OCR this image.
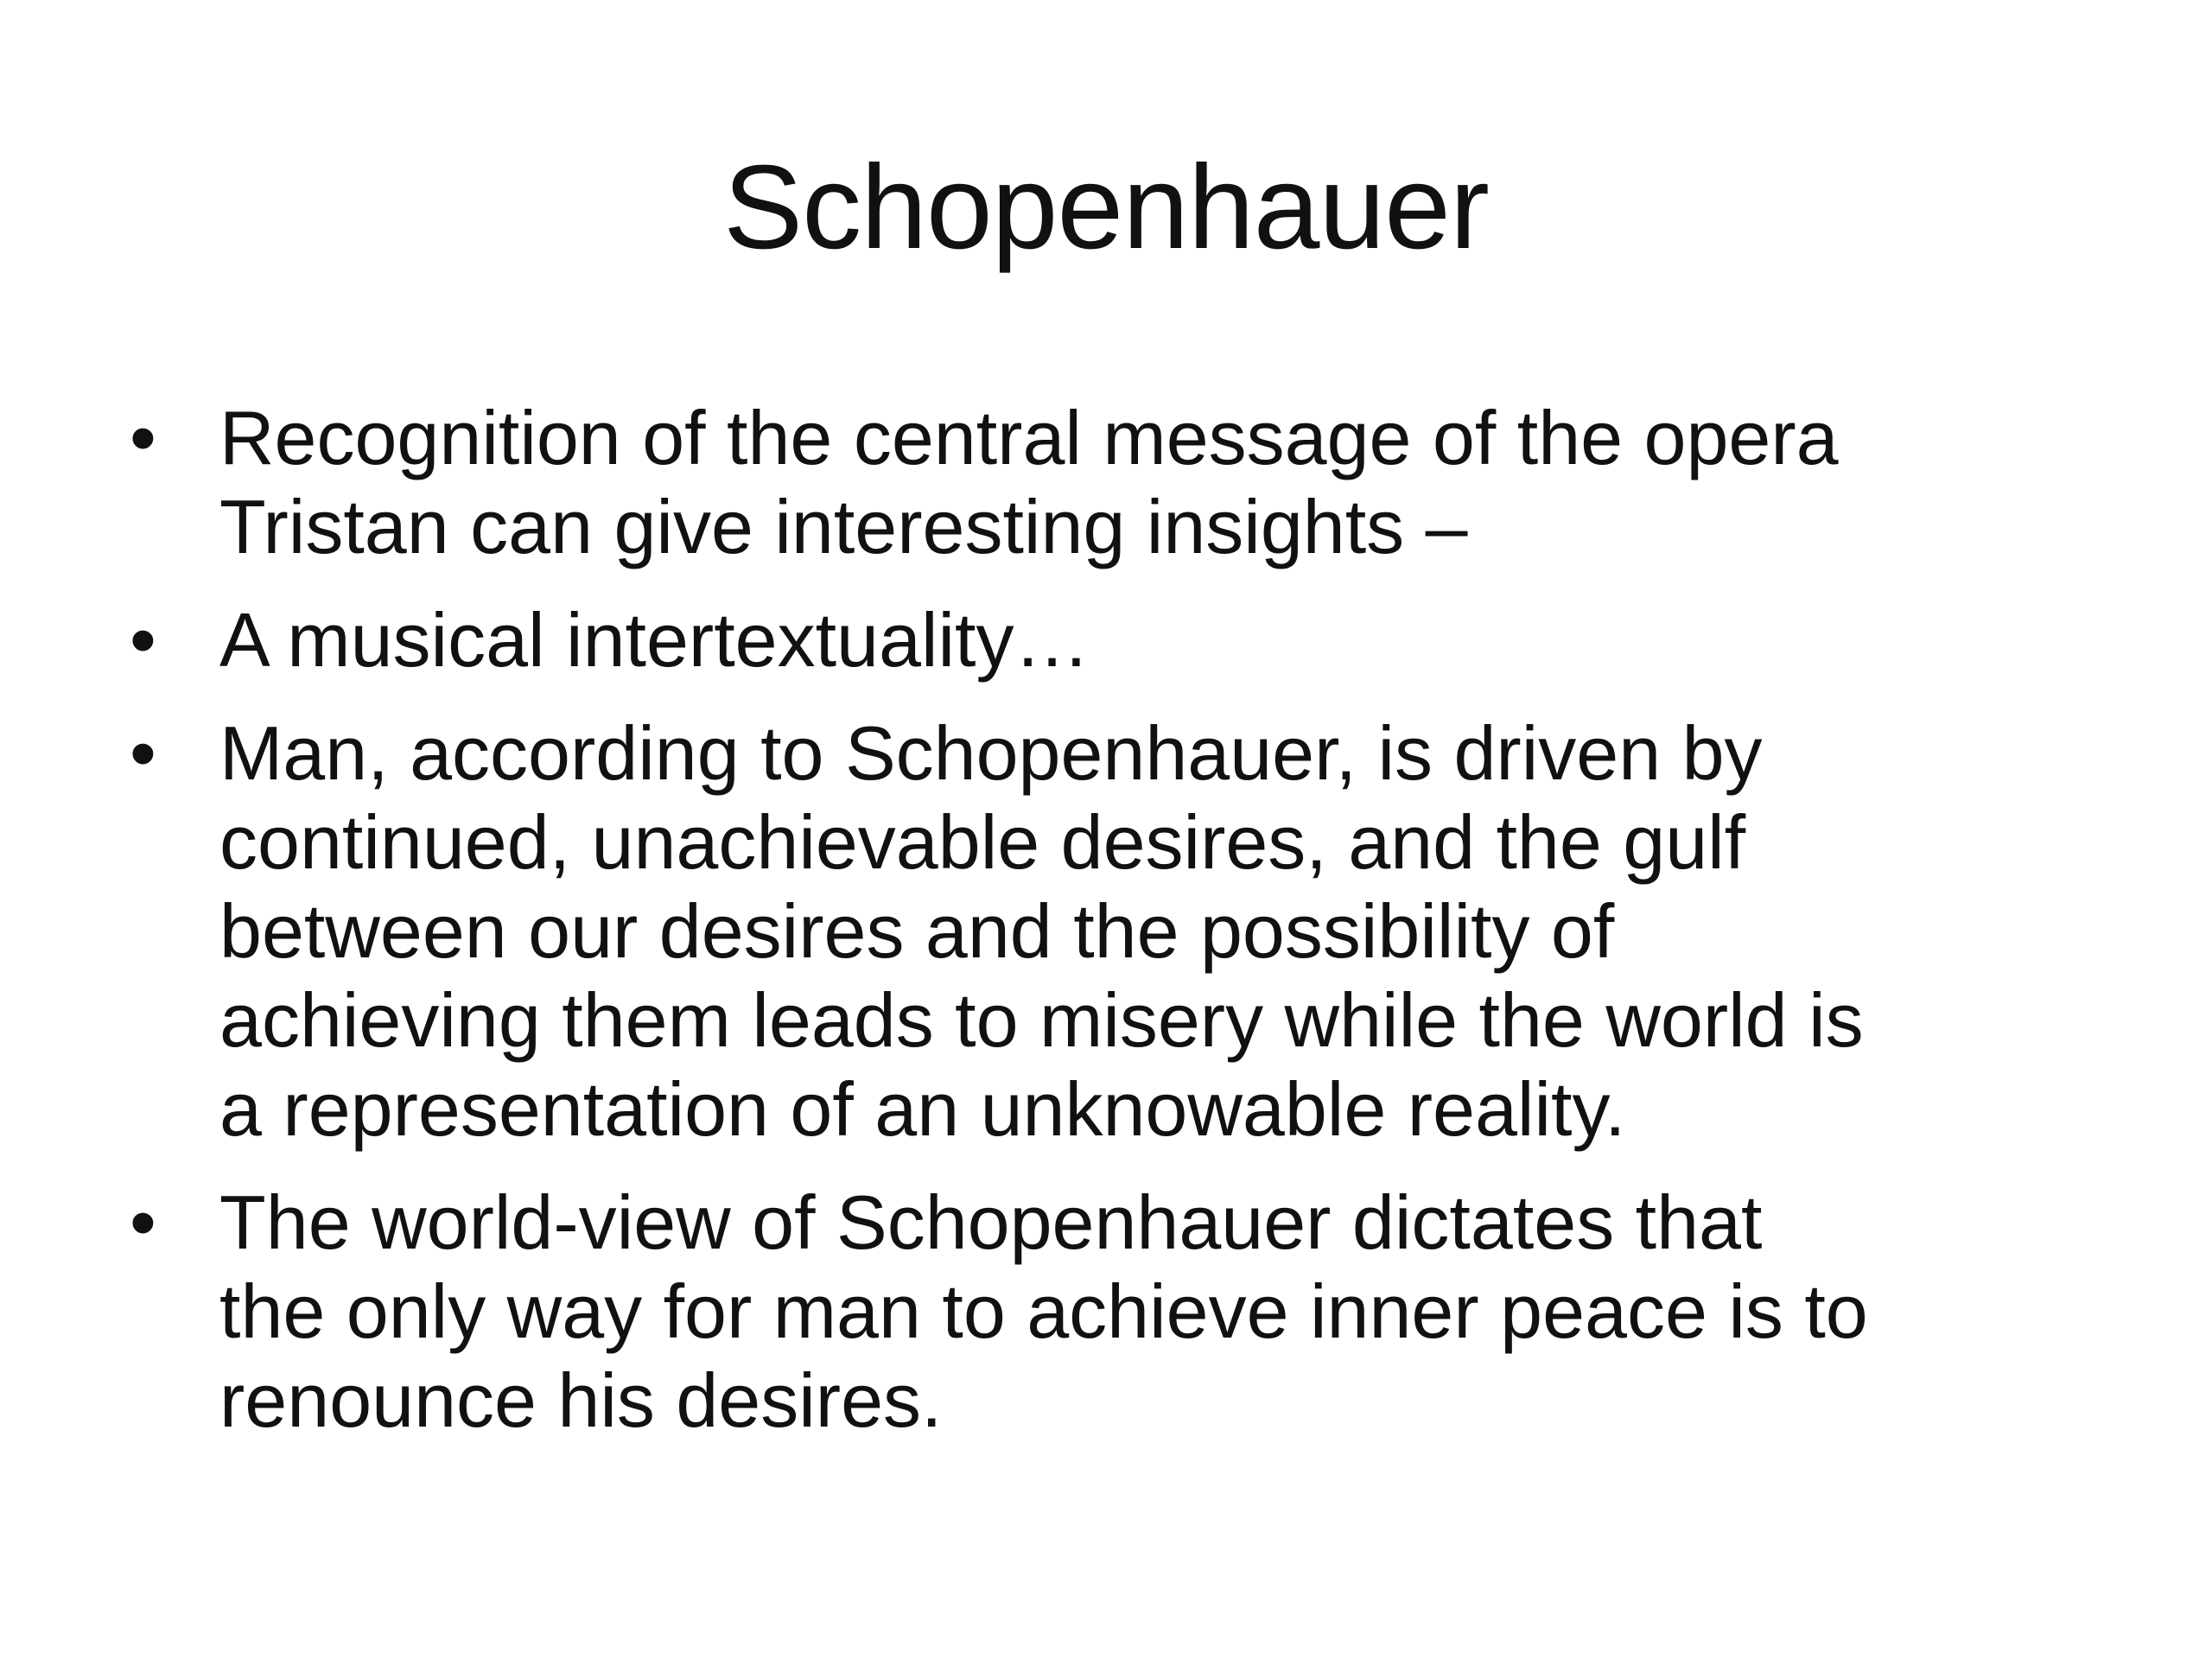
Schopenhauer
• Recognition of the central message of the opera
Tristan can give interesting insights –
• A musical intertextuality…
• Man, according to Schopenhauer, is driven by
continued, unachievable desires, and the gulf
between our desires and the possibility of
achieving them leads to misery while the world is
a representation of an unknowable reality.
• The world-view of Schopenhauer dictates that
the only way for man to achieve inner peace is to
renounce his desires.
